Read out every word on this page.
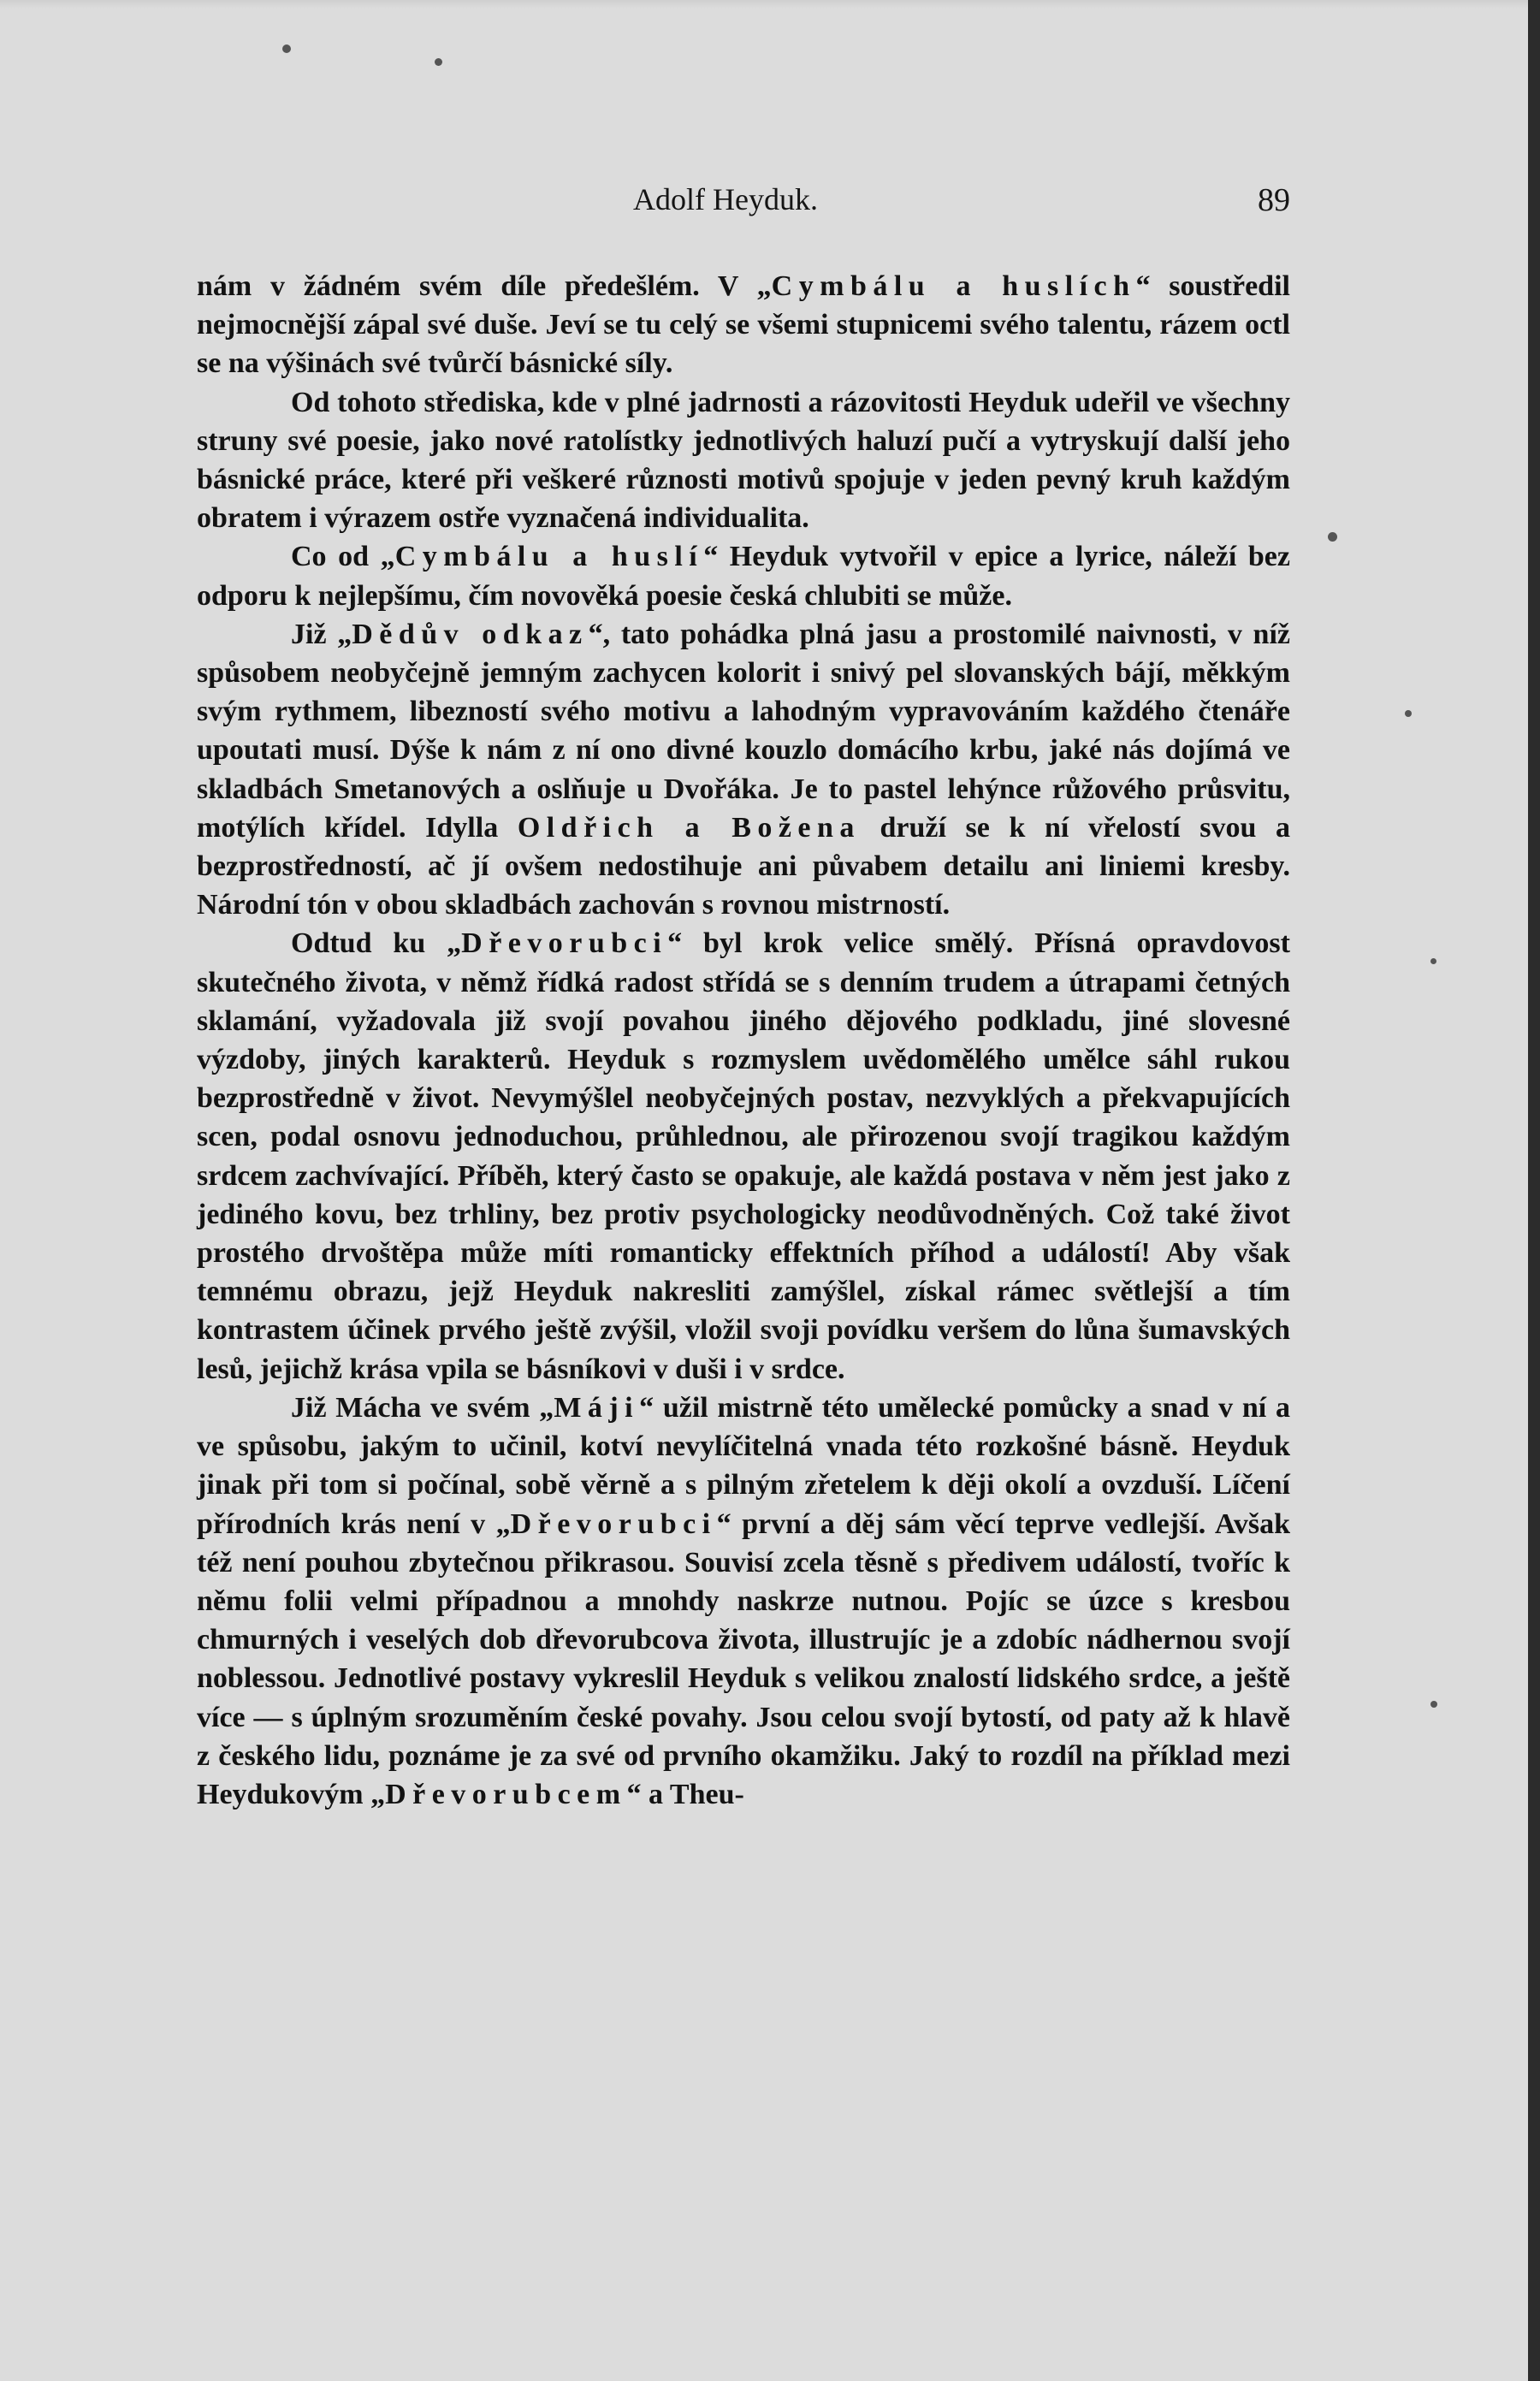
Adolf Heyduk.	89

nám v žádném svém díle předešlém. V „Cymbálu a huslích“ soustředil nejmocnější zápal své duše. Jeví se tu celý se všemi stupnicemi svého talentu, rázem octl se na výšinách své tvůrčí básnické síly.

Od tohoto střediska, kde v plné jadrnosti a rázovitosti Heyduk udeřil ve všechny struny své poesie, jako nové ratolístky jednotlivých haluzí pučí a vytryskují další jeho básnické práce, které při veškeré různosti motivů spojuje v jeden pevný kruh každým obratem i výrazem ostře vyznačená individualita.

Co od „Cymbálu a huslí“ Heyduk vytvořil v epice a lyrice, náleží bez odporu k nejlepšímu, čím novověká poesie česká chlubiti se může.

Již „Dědův odkaz“, tato pohádka plná jasu a prostomilé naivnosti, v níž spůsobem neobyčejně jemným zachycen kolorit i snivý pel slovanských bájí, měkkým svým rythmem, libezností svého motivu a lahodným vypravováním každého čtenáře upoutati musí. Dýše k nám z ní ono divné kouzlo domácího krbu, jaké nás dojímá ve skladbách Smetanových a oslňuje u Dvořáka. Je to pastel lehýnce růžového průsvitu, motýlích křídel. Idylla Oldřich a Božena druží se k ní vřelostí svou a bezprostředností, ač jí ovšem nedostihuje ani půvabem detailu ani liniemi kresby. Národní tón v obou skladbách zachován s rovnou mistrností.

Odtud ku „Dřevorubci“ byl krok velice smělý. Přísná opravdovost skutečného života, v němž řídká radost střídá se s denním trudem a útrapami četných sklamání, vyžadovala již svojí povahou jiného dějového podkladu, jiné slovesné výzdoby, jiných karakterů. Heyduk s rozmyslem uvědomělého umělce sáhl rukou bezprostředně v život. Nevymýšlel neobyčejných postav, nezvyklých a překvapujících scen, podal osnovu jednoduchou, průhlednou, ale přirozenou svojí tragikou každým srdcem zachvívající. Příběh, který často se opakuje, ale každá postava v něm jest jako z jediného kovu, bez trhliny, bez protiv psychologicky neodůvodněných. Což také život prostého drvoštěpa může míti romanticky effektních příhod a událostí! Aby však temnému obrazu, jejž Heyduk nakresliti zamýšlel, získal rámec světlejší a tím kontrastem účinek prvého ještě zvýšil, vložil svoji povídku veršem do lůna šumavských lesů, jejichž krása vpila se básníkovi v duši i v srdce.

Již Mácha ve svém „Máji“ užil mistrně této umělecké pomůcky a snad v ní a ve spůsobu, jakým to učinil, kotví nevylíčitelná vnada této rozkošné básně. Heyduk jinak při tom si počínal, sobě věrně a s pilným zřetelem k ději okolí a ovzduší. Líčení přírodních krás není v „Dřevorubci“ první a děj sám věcí teprve vedlejší. Avšak též není pouhou zbytečnou přikrasou. Souvisí zcela těsně s předivem událostí, tvoříc k němu folii velmi případnou a mnohdy naskrze nutnou. Pojíc se úzce s kresbou chmurných i veselých dob dřevorubcova života, illustrujíc je a zdobíc nádhernou svojí noblessou. Jednotlivé postavy vykreslil Heyduk s velikou znalostí lidského srdce, a ještě více — s úplným srozuměním české povahy. Jsou celou svojí bytostí, od paty až k hlavě z českého lidu, poznáme je za své od prvního okamžiku. Jaký to rozdíl na příklad mezi Heydukovým „Dřevorubcem“ a Theu-
